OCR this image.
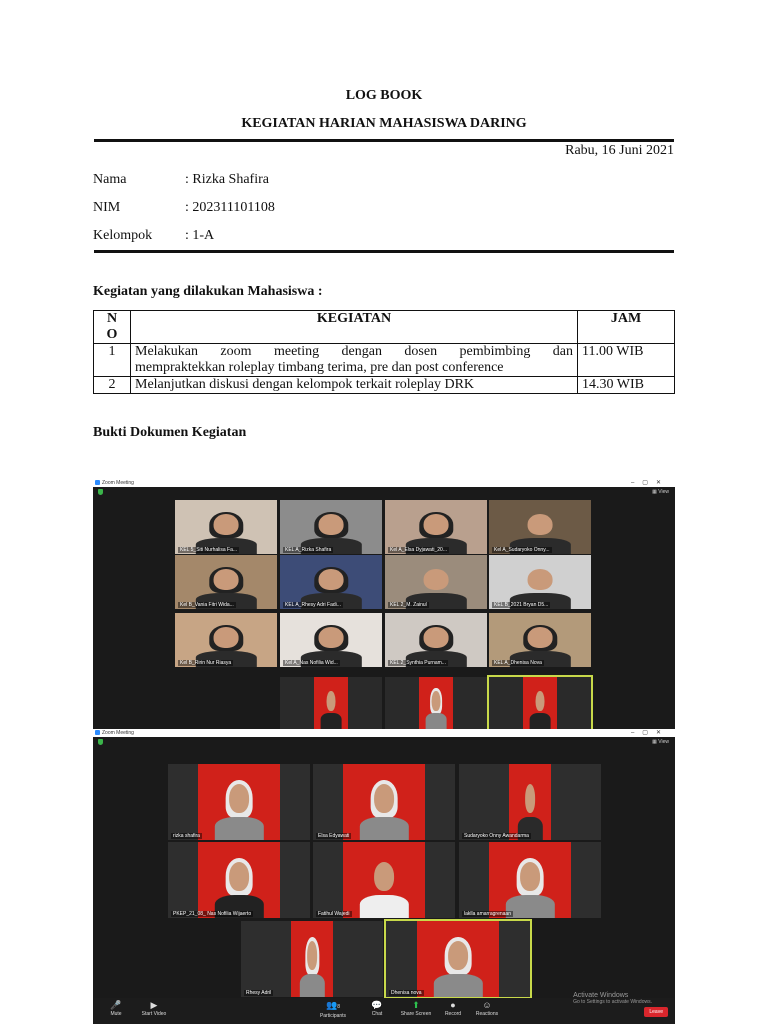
LOG BOOK
KEGIATAN HARIAN MAHASISWA DARING
Rabu, 16 Juni 2021
Nama	: Rizka Shafira
NIM	: 202311101108
Kelompok : 1-A
Kegiatan yang dilakukan Mahasiswa :
NO	KEGIATAN	JAM
1	Melakukan zoom meeting dengan dosen pembimbing dan
mempraktekkan roleplay timbang terima, pre dan post conference	11.00 WIB
2	Melanjutkan diskusi dengan kelompok terkait roleplay DRK	14.30 WIB
Bukti Dokumen Kegiatan
Zoom Meeting	–▢✕
▦ View
KEL 5_Siti Nurhalisa Fa...	KEL A_Rizka Shafira	Kel A_Elsa Dyjawati_20...	Kel A_Sudaryoko Onny...
Kel B_Vania Fitri Wida...	KEL A_Rhesy Adri Fadi...	KEL 2_M. Zainul	KEL B_2021 Bryan D5...
Kel B_Ririn Nur Riasya	Kel A_Nas Nofilia Wid...	KEL 2_Synthia Purnam...	KEL A_Dhenisa Nova
Zoom Meeting	–▢✕
▦ View
rizka shafira	Elsa Edyawati	Sudaryoko Onny Awandarma
PKEP_21_08_ Nas Nofilia Wijaerto	Fatihul Wajedi	laklla amarragrenaan
Rhesy Adril	Dhenisa nova
🎤
Mute
▶
Start Video
👥8
Participants
💬
Chat
⬆
Share Screen
●
Record
☺
Reactions
Activate Windows
Go to Settings to activate Windows.
Leave
